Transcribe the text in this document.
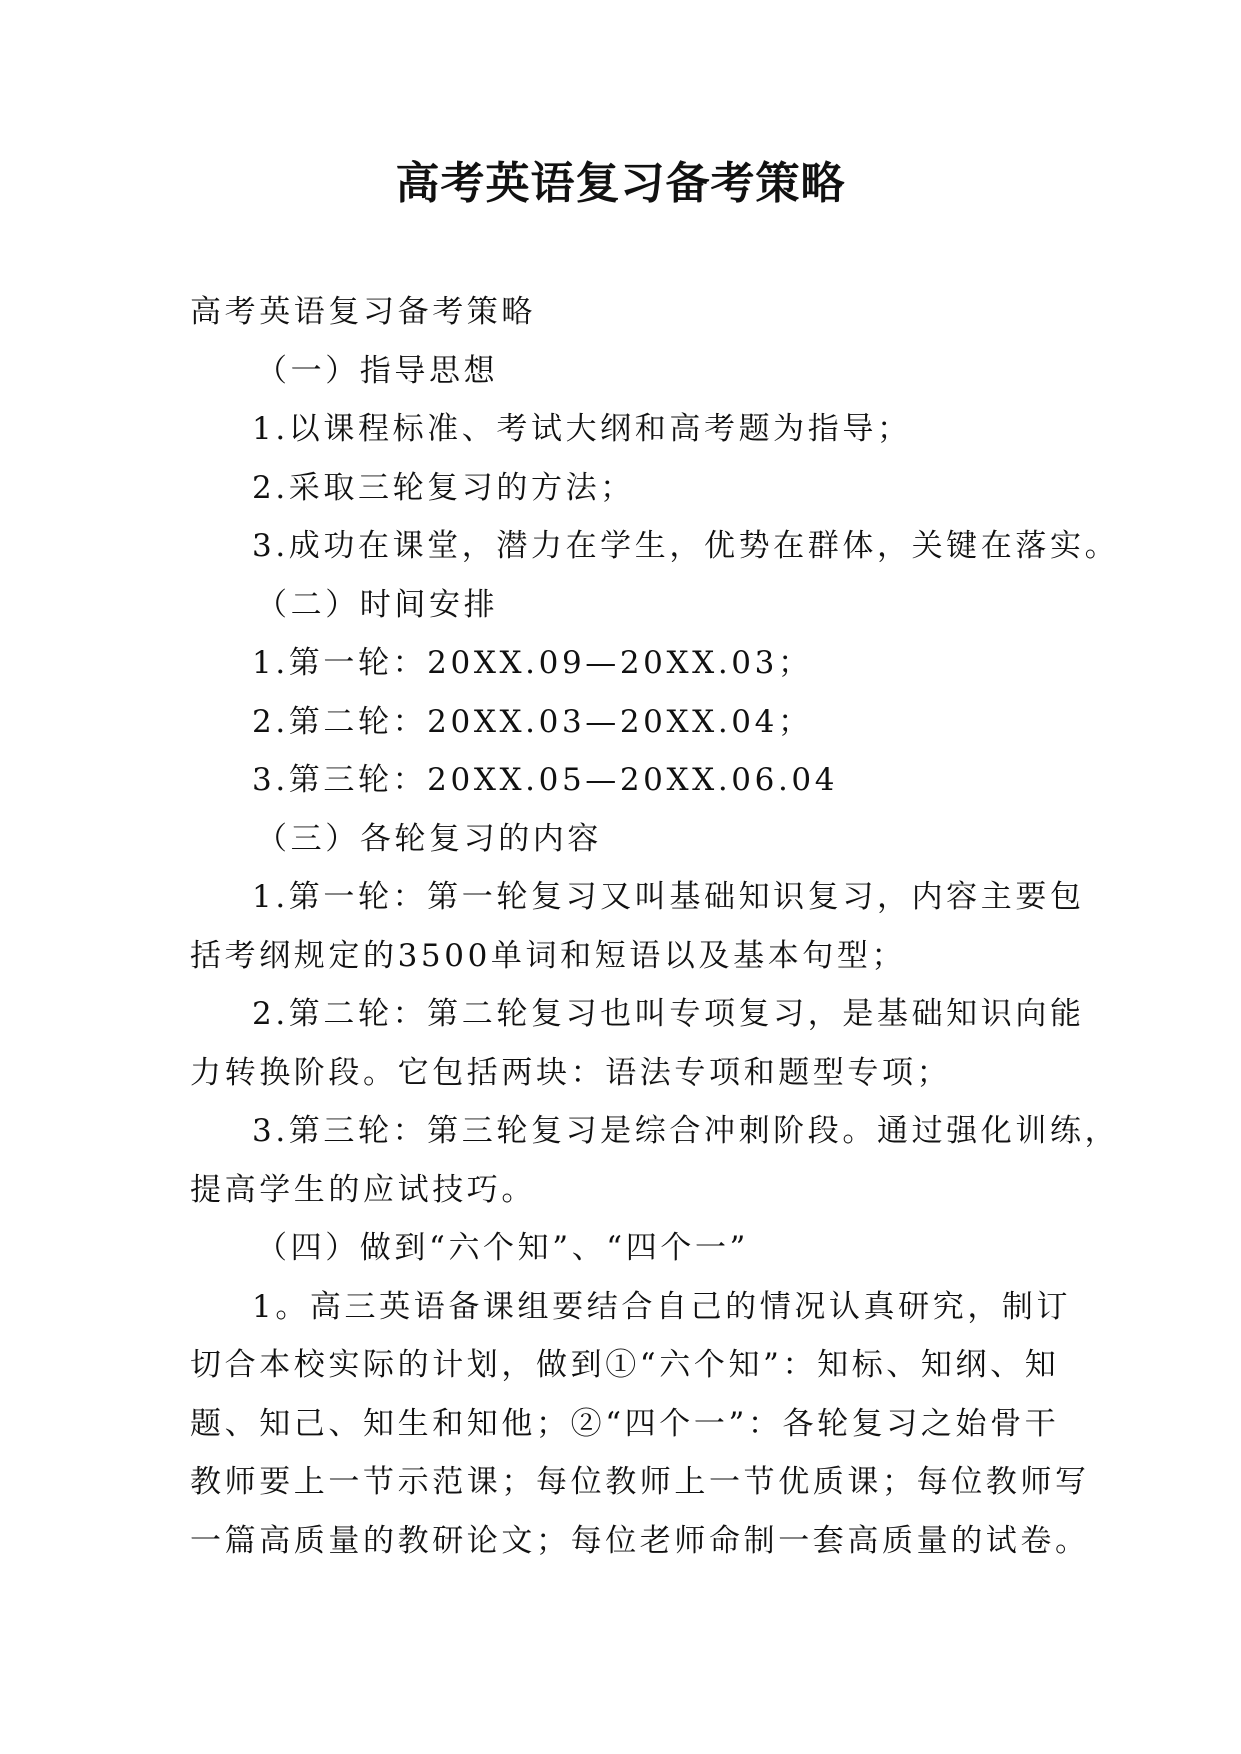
高考英语复习备考策略
高考英语复习备考策略
（一）指导思想
1.以课程标准、考试大纲和高考题为指导；
2.采取三轮复习的方法；
3.成功在课堂，潜力在学生，优势在群体，关键在落实。
（二）时间安排
1.第一轮：20XX.09—20XX.03；
2.第二轮：20XX.03—20XX.04；
3.第三轮：20XX.05—20XX.06.04
（三）各轮复习的内容
1.第一轮：第一轮复习又叫基础知识复习，内容主要包
括考纲规定的3500单词和短语以及基本句型；
2.第二轮：第二轮复习也叫专项复习，是基础知识向能
力转换阶段。它包括两块：语法专项和题型专项；
3.第三轮：第三轮复习是综合冲刺阶段。通过强化训练，
提高学生的应试技巧。
（四）做到“六个知”、“四个一”
1。高三英语备课组要结合自己的情况认真研究，制订
切合本校实际的计划，做到①“六个知”：知标、知纲、知
题、知己、知生和知他；②“四个一”：各轮复习之始骨干
教师要上一节示范课；每位教师上一节优质课；每位教师写
一篇高质量的教研论文；每位老师命制一套高质量的试卷。
